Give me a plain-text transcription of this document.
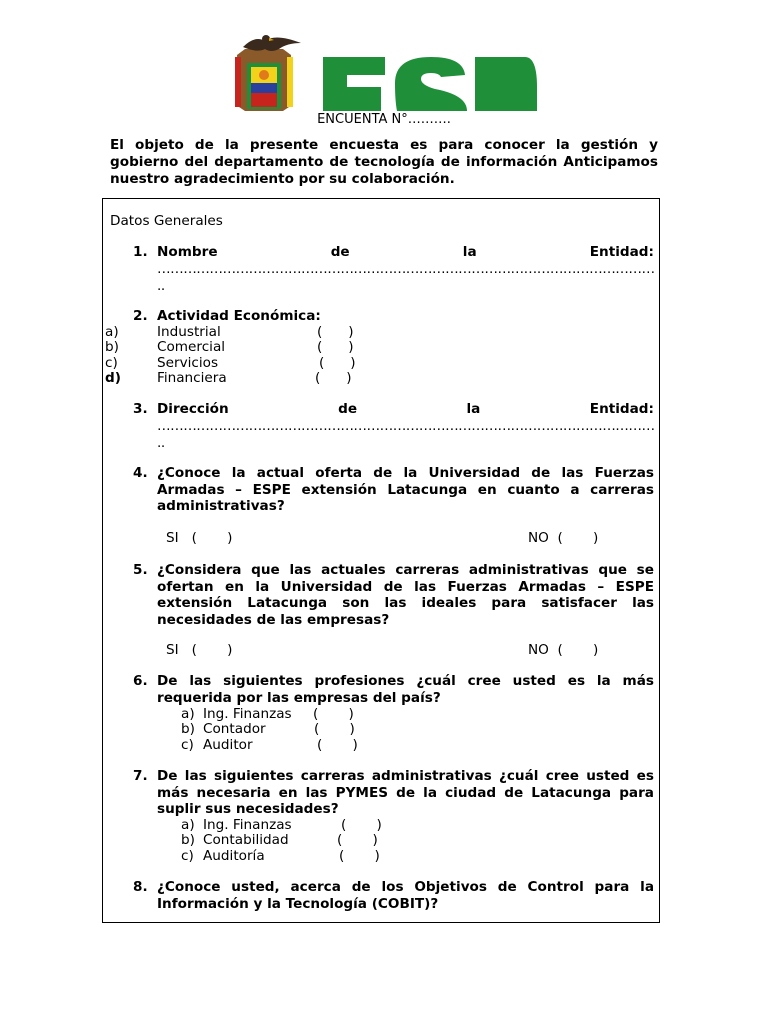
ENCUENTA N°……….
El objeto de la presente encuesta es para conocer la gestión y gobierno del departamento de tecnología de información Anticipamos nuestro agradecimiento por su colaboración.
Datos Generales
1. Nombre	de	la	Entidad:
……………………………………………………………………………………………………
..
2. Actividad Económica:
a)	Industrial	(      )
b)	Comercial	(      )
c)	Servicios	(      )
d)	Financiera	(      )
3. Dirección	de	la	Entidad:
……………………………………………………………………………………………………
..
4. ¿Conoce la actual oferta de la Universidad de las Fuerzas Armadas – ESPE extensión Latacunga en cuanto a carreras administrativas?
SI   (       )	NO  (       )
5. ¿Considera que las actuales carreras administrativas que se ofertan en la Universidad de las Fuerzas Armadas – ESPE extensión Latacunga son las ideales para satisfacer las necesidades de las empresas?
SI   (       )	NO  (       )
6. De las siguientes profesiones ¿cuál cree usted es la más requerida por las empresas del país?
a) Ing. Finanzas (       )
b) Contador	(       )
c) Auditor	(       )
7. De las siguientes carreras administrativas ¿cuál cree usted es más necesaria en las PYMES de la ciudad de Latacunga para suplir sus necesidades?
a) Ing. Finanzas	(       )
b) Contabilidad	(       )
c) Auditoría	(       )
8. ¿Conoce usted, acerca de los Objetivos de Control para la Información y la Tecnología (COBIT)?
